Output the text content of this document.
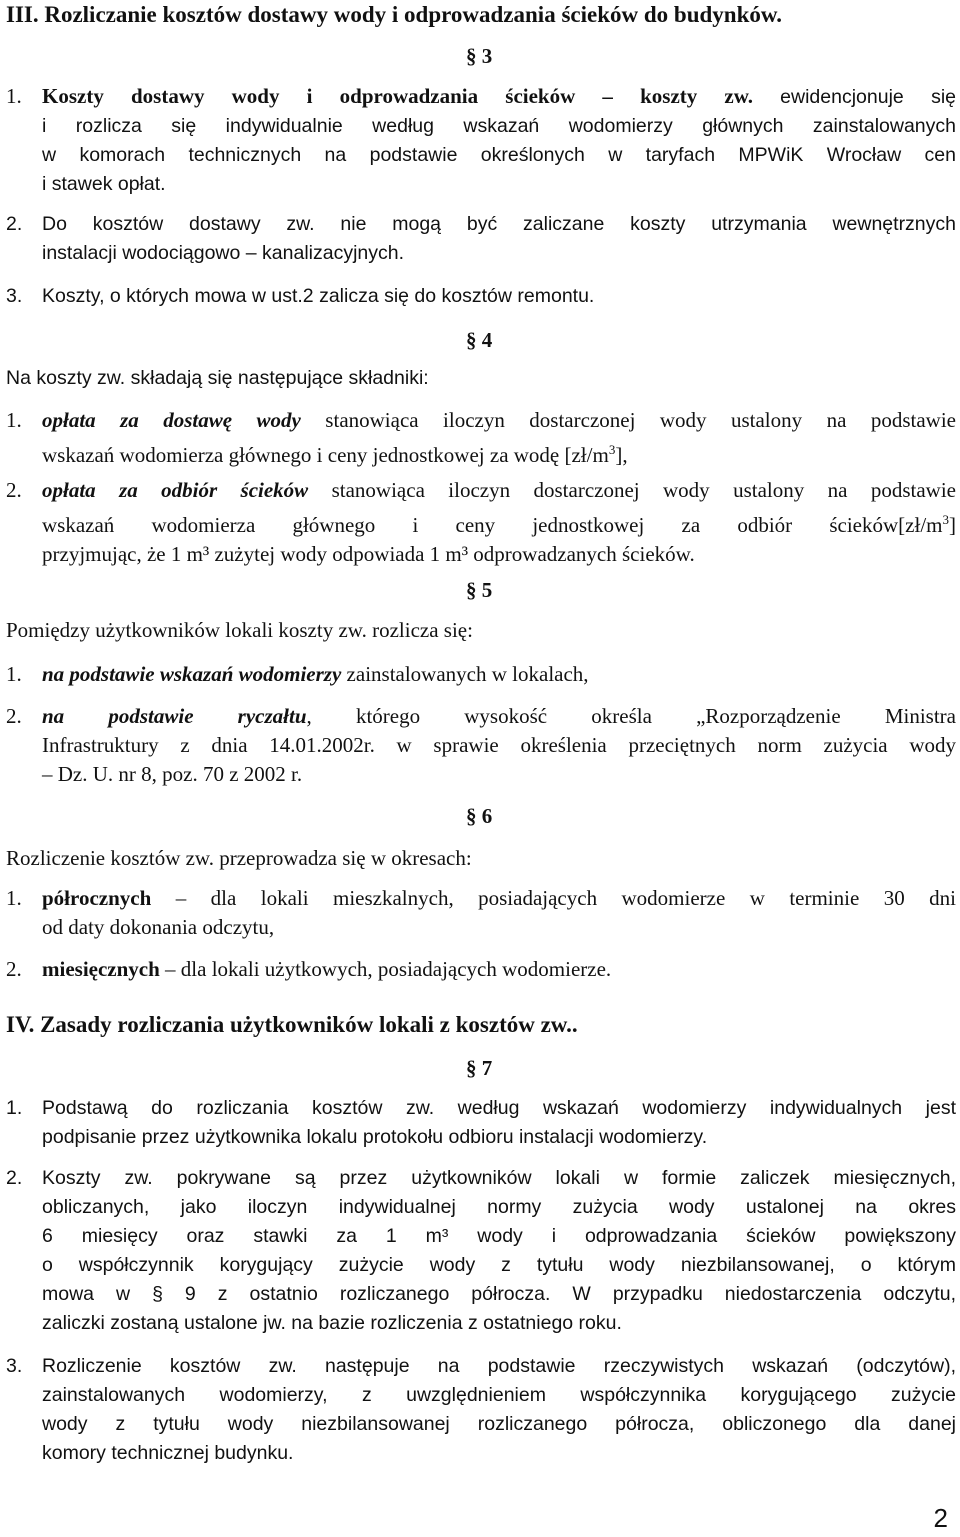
III. Rozliczanie kosztów dostawy wody i odprowadzania ścieków do budynków.
§ 3
1. Koszty dostawy wody i odprowadzania ścieków – koszty zw. ewidencjonuje się
i rozlicza się indywidualnie według wskazań wodomierzy głównych zainstalowanych
w komorach technicznych na podstawie określonych w taryfach MPWiK Wrocław cen
i stawek opłat.
2. Do kosztów dostawy zw. nie mogą być zaliczane koszty utrzymania wewnętrznych
instalacji wodociągowo – kanalizacyjnych.
3. Koszty, o których mowa w ust.2 zalicza się do kosztów remontu.
§ 4
Na koszty zw. składają się następujące składniki:
1. opłata za dostawę wody stanowiąca iloczyn dostarczonej wody ustalony na podstawie
wskazań wodomierza głównego i ceny jednostkowej za wodę $[zł/m^3]$,
2. opłata za odbiór ścieków stanowiąca iloczyn dostarczonej wody ustalony na podstawie
wskazań wodomierza głównego i ceny jednostkowej za odbiór $ścieków[zł/m^3]$
przyjmując, że 1 m³ zużytej wody odpowiada 1 m³ odprowadzanych ścieków.
§ 5
Pomiędzy użytkowników lokali koszty zw. rozlicza się:
1. na podstawie wskazań wodomierzy zainstalowanych w lokalach,
2. na podstawie ryczałtu, którego wysokość określa „Rozporządzenie Ministra
Infrastruktury z dnia 14.01.2002r. w sprawie określenia przeciętnych norm zużycia wody
– Dz. U. nr 8, poz. 70 z 2002 r.
§ 6
Rozliczenie kosztów zw. przeprowadza się w okresach:
1. półrocznych – dla lokali mieszkalnych, posiadających wodomierze w terminie 30 dni
od daty dokonania odczytu,
2. miesięcznych – dla lokali użytkowych, posiadających wodomierze.
IV. Zasady rozliczania użytkowników lokali z kosztów zw..
§ 7
1. Podstawą do rozliczania kosztów zw. według wskazań wodomierzy indywidualnych jest
podpisanie przez użytkownika lokalu protokołu odbioru instalacji wodomierzy.
2. Koszty zw. pokrywane są przez użytkowników lokali w formie zaliczek miesięcznych,
obliczanych, jako iloczyn indywidualnej normy zużycia wody ustalonej na okres
6 miesięcy oraz stawki za 1 m³ wody i odprowadzania ścieków powiększony
o współczynnik korygujący zużycie wody z tytułu wody niezbilansowanej, o którym
mowa w § 9 z ostatnio rozliczanego półrocza. W przypadku niedostarczenia odczytu,
zaliczki zostaną ustalone jw. na bazie rozliczenia z ostatniego roku.
3. Rozliczenie kosztów zw. następuje na podstawie rzeczywistych wskazań (odczytów),
zainstalowanych wodomierzy, z uwzględnieniem współczynnika korygującego zużycie
wody z tytułu wody niezbilansowanej rozliczanego półrocza, obliczonego dla danej
komory technicznej budynku.
2
